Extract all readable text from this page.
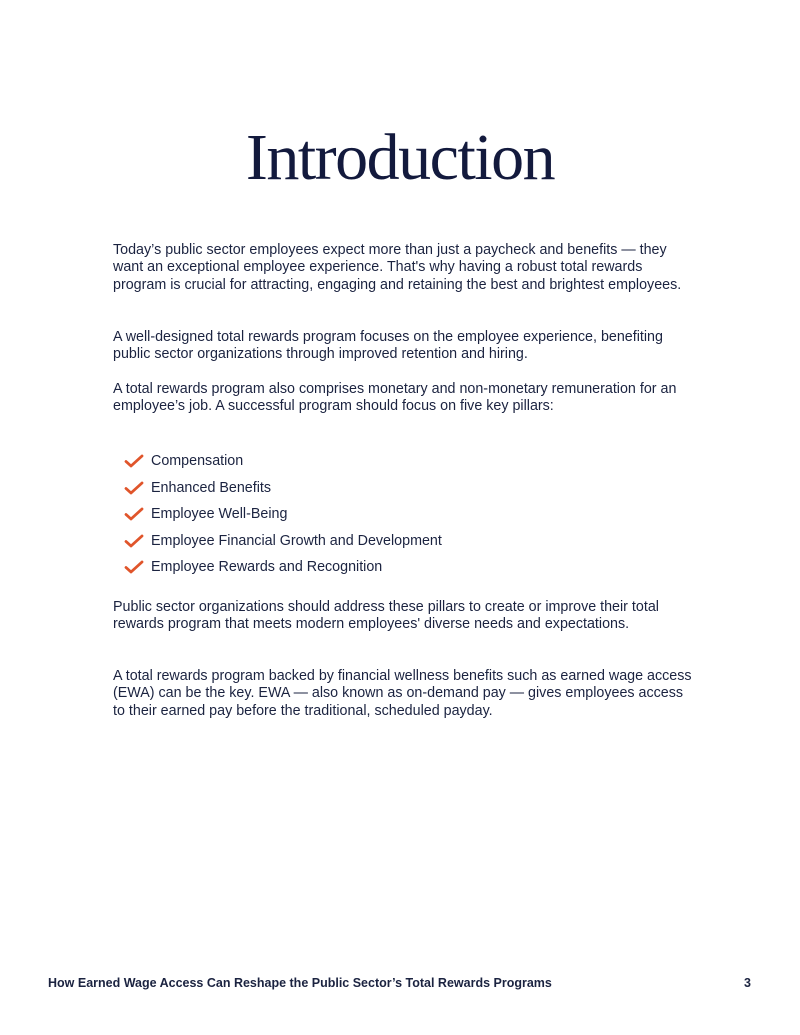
Introduction

Today’s public sector employees expect more than just a paycheck and benefits — they want an exceptional employee experience. That's why having a robust total rewards program is crucial for attracting, engaging and retaining the best and brightest employees.

A well-designed total rewards program focuses on the employee experience, benefiting public sector organizations through improved retention and hiring.

A total rewards program also comprises monetary and non-monetary remuneration for an employee’s job. A successful program should focus on five key pillars:

Compensation
Enhanced Benefits
Employee Well-Being
Employee Financial Growth and Development
Employee Rewards and Recognition

Public sector organizations should address these pillars to create or improve their total rewards program that meets modern employees' diverse needs and expectations.

A total rewards program backed by financial wellness benefits such as earned wage access (EWA) can be the key. EWA — also known as on-demand pay — gives employees access to their earned pay before the traditional, scheduled payday.

How Earned Wage Access Can Reshape the Public Sector’s Total Rewards Programs	3
